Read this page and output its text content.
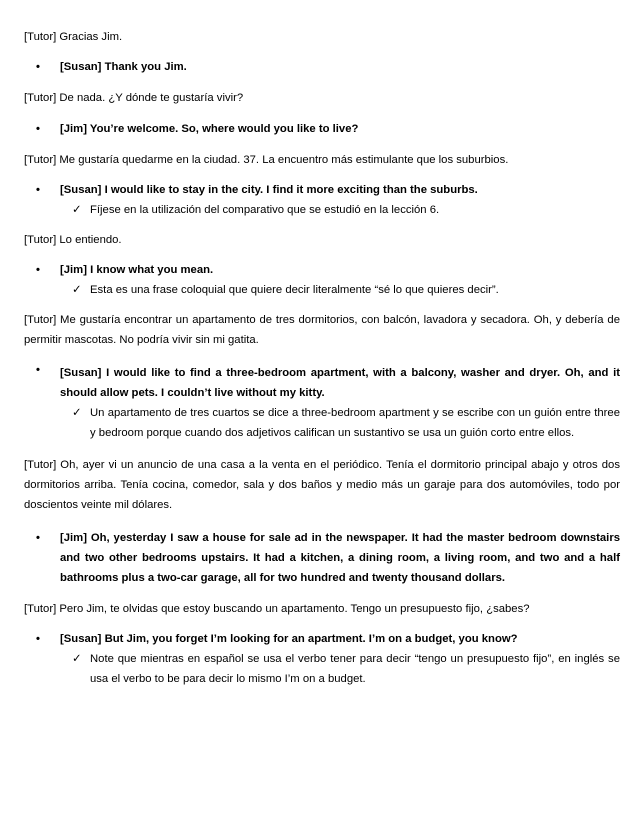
[Tutor] Gracias Jim.

•	[Susan] Thank you Jim.

[Tutor] De nada. ¿Y dónde te gustaría vivir?

•	[Jim] You’re welcome. So, where would you like to live?

[Tutor] Me gustaría quedarme en la ciudad. 37. La encuentro más estimulante que los suburbios.

•	[Susan] I would like to stay in the city. I find it more exciting than the suburbs.
✓ Fíjese en la utilización del comparativo que se estudió en la lección 6.

[Tutor] Lo entiendo.

•	[Jim] I know what you mean.
✓ Esta es una frase coloquial que quiere decir literalmente “sé lo que quieres decir”.

[Tutor] Me gustaría encontrar un apartamento de tres dormitorios, con balcón, lavadora y secadora. Oh, y debería de permitir mascotas. No podría vivir sin mi gatita.

•	[Susan] I would like to find a three-bedroom apartment, with a balcony, washer and dryer. Oh, and it should allow pets. I couldn’t live without my kitty.
✓ Un apartamento de tres cuartos se dice a three-bedroom apartment y se escribe con un guión entre three y bedroom porque cuando dos adjetivos califican un sustantivo se usa un guión corto entre ellos.

[Tutor] Oh, ayer vi un anuncio de una casa a la venta en el periódico. Tenía el dormitorio principal abajo y otros dos dormitorios arriba. Tenía cocina, comedor, sala y dos baños y medio más un garaje para dos automóviles, todo por doscientos veinte mil dólares.

•	[Jim] Oh, yesterday I saw a house for sale ad in the newspaper. It had the master bedroom downstairs and two other bedrooms upstairs. It had a kitchen, a dining room, a living room, and two and a half bathrooms plus a two-car garage, all for two hundred and twenty thousand dollars.

[Tutor] Pero Jim, te olvidas que estoy buscando un apartamento. Tengo un presupuesto fijo, ¿sabes?

•	[Susan] But Jim, you forget I’m looking for an apartment. I’m on a budget, you know?
✓ Note que mientras en español se usa el verbo tener para decir “tengo un presupuesto fijo”, en inglés se usa el verbo to be para decir lo mismo I’m on a budget.
